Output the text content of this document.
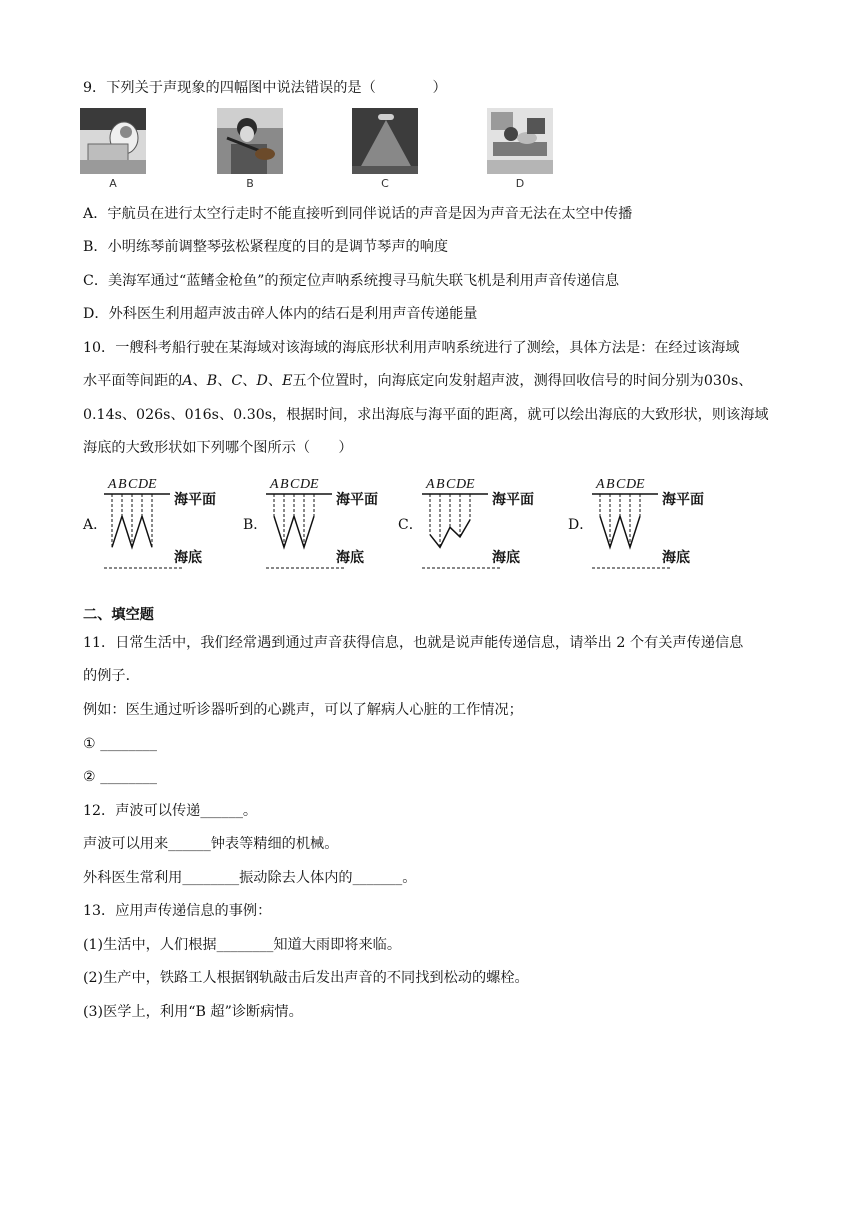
9．下列关于声现象的四幅图中说法错误的是（　　　　）
A	B	C	D
A．宇航员在进行太空行走时不能直接听到同伴说话的声音是因为声音无法在太空中传播
B．小明练琴前调整琴弦松紧程度的目的是调节琴声的响度
C．美海军通过“蓝鳍金枪鱼”的预定位声呐系统搜寻马航失联飞机是利用声音传递信息
D．外科医生利用超声波击碎人体内的结石是利用声音传递能量
10．一艘科考船行驶在某海域对该海域的海底形状利用声呐系统进行了测绘，具体方法是：在经过该海域
水平面等间距的A、B、C、D、E五个位置时，向海底定向发射超声波，测得回收信号的时间分别为030s、
0.14s、026s、016s、0.30s，根据时间，求出海底与海平面的距离，就可以绘出海底的大致形状，则该海域
海底的大致形状如下列哪个图所示（　　）
A．	B．	C．	D．
A B C D E
海平面
海底
A B C D E
海平面
海底
A B C D E
海平面
海底
A B C D E
海平面
海底
二、填空题
11．日常生活中，我们经常遇到通过声音获得信息，也就是说声能传递信息，请举出 2 个有关声传递信息
的例子．
例如：医生通过听诊器听到的心跳声，可以了解病人心脏的工作情况；
① ________
② ________
12．声波可以传递______。
声波可以用来______钟表等精细的机械。
外科医生常利用________振动除去人体内的_______。
13．应用声传递信息的事例：
(1)生活中，人们根据________知道大雨即将来临。
(2)生产中，铁路工人根据钢轨敲击后发出声音的不同找到松动的螺栓。
(3)医学上，利用“B 超”诊断病情。
